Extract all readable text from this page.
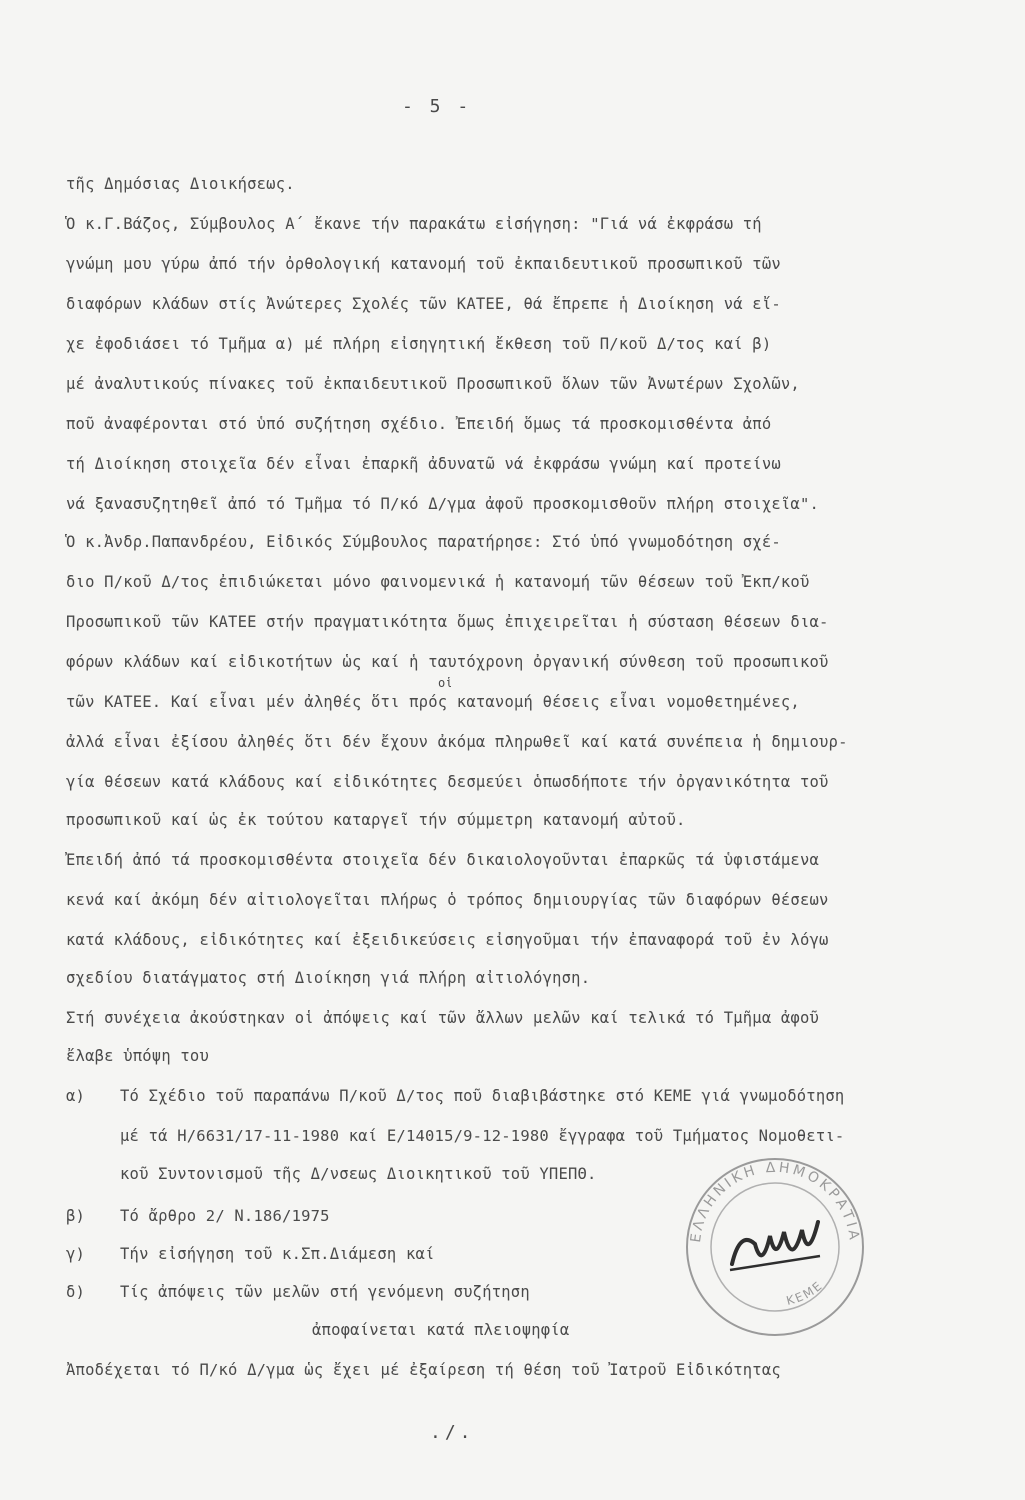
- 5 -
τῆς Δημόσιας Διοικήσεως.
Ὁ κ.Γ.Βάζος, Σύμβουλος Α΄ ἔκανε τήν παρακάτω εἰσήγηση: "Γιά νά ἐκφράσω τή
γνώμη μου γύρω ἀπό τήν ὀρθολογική κατανομή τοῦ ἐκπαιδευτικοῦ προσωπικοῦ τῶν
διαφόρων κλάδων στίς Ἀνώτερες Σχολές τῶν ΚΑΤΕΕ, θά ἔπρεπε ἡ Διοίκηση νά εἴ-
χε ἐφοδιάσει τό Τμῆμα α) μέ πλήρη εἰσηγητική ἔκθεση τοῦ Π/κοῦ Δ/τος καί β)
μέ ἀναλυτικούς πίνακες τοῦ ἐκπαιδευτικοῦ Προσωπικοῦ ὅλων τῶν Ἀνωτέρων Σχολῶν,
ποῦ ἀναφέρονται στό ὑπό συζήτηση σχέδιο. Ἐπειδή ὅμως τά προσκομισθέντα ἀπό
τή Διοίκηση στοιχεῖα δέν εἶναι ἐπαρκῆ ἀδυνατῶ νά ἐκφράσω γνώμη καί προτείνω
νά ξανασυζητηθεῖ ἀπό τό Τμῆμα τό Π/κό Δ/γμα ἀφοῦ προσκομισθοῦν πλήρη στοιχεῖα".
Ὁ κ.Ἀνδρ.Παπανδρέου, Εἰδικός Σύμβουλος παρατήρησε: Στό ὑπό γνωμοδότηση σχέ-
διο Π/κοῦ Δ/τος ἐπιδιώκεται μόνο φαινομενικά ἡ κατανομή τῶν θέσεων τοῦ Ἐκπ/κοῦ
Προσωπικοῦ τῶν ΚΑΤΕΕ στήν πραγματικότητα ὅμως ἐπιχειρεῖται ἡ σύσταση θέσεων δια-
φόρων κλάδων καί εἰδικοτήτων ὡς καί ἡ ταυτόχρονη ὀργανική σύνθεση τοῦ προσωπικοῦ
οἱ
τῶν ΚΑΤΕΕ. Καί εἶναι μέν ἀληθές ὅτι πρός κατανομή θέσεις εἶναι νομοθετημένες,
ἀλλά εἶναι ἐξίσου ἀληθές ὅτι δέν ἔχουν ἀκόμα πληρωθεῖ καί κατά συνέπεια ἡ δημιουρ-
γία θέσεων κατά κλάδους καί εἰδικότητες δεσμεύει ὁπωσδήποτε τήν ὀργανικότητα τοῦ
προσωπικοῦ καί ὡς ἐκ τούτου καταργεῖ τήν σύμμετρη κατανομή αὐτοῦ.
Ἐπειδή ἀπό τά προσκομισθέντα στοιχεῖα δέν δικαιολογοῦνται ἐπαρκῶς τά ὑφιστάμενα
κενά καί ἀκόμη δέν αἰτιολογεῖται πλήρως ὁ τρόπος δημιουργίας τῶν διαφόρων θέσεων
κατά κλάδους, εἰδικότητες καί ἐξειδικεύσεις εἰσηγοῦμαι τήν ἐπαναφορά τοῦ ἐν λόγω
σχεδίου διατάγματος στή Διοίκηση γιά πλήρη αἰτιολόγηση.
Στή συνέχεια ἀκούστηκαν οἱ ἀπόψεις καί τῶν ἄλλων μελῶν καί τελικά τό Τμῆμα ἀφοῦ
ἔλαβε ὑπόψη του
α) Τό Σχέδιο τοῦ παραπάνω Π/κοῦ Δ/τος ποῦ διαβιβάστηκε στό ΚΕΜΕ γιά γνωμοδότηση
μέ τά Η/6631/17-11-1980 καί Ε/14015/9-12-1980 ἔγγραφα τοῦ Τμήματος Νομοθετι-
κοῦ Συντονισμοῦ τῆς Δ/νσεως Διοικητικοῦ τοῦ ΥΠΕΠΘ.
β) Τό ἄρθρο 2/ Ν.186/1975
γ) Τήν εἰσήγηση τοῦ κ.Σπ.Διάμεση καί
δ) Τίς ἀπόψεις τῶν μελῶν στή γενόμενη συζήτηση
ἀποφαίνεται κατά πλειοψηφία
Ἀποδέχεται τό Π/κό Δ/γμα ὡς ἔχει μέ ἐξαίρεση τή θέση τοῦ Ἰατροῦ Εἰδικότητας
ΕΛΛΗΝΙΚΗ ΔΗΜΟΚΡΑΤΙΑ
ΚΕΜΕ
./.
